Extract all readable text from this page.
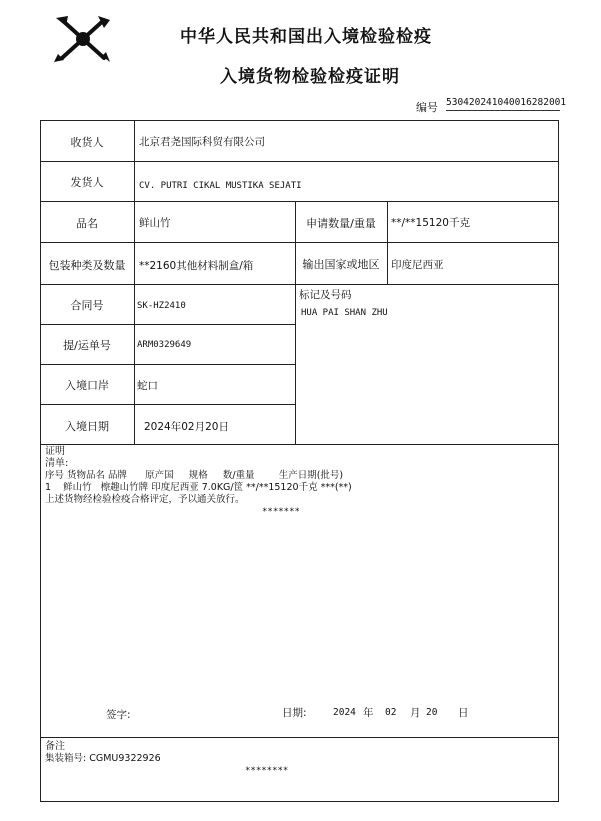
中华人民共和国出入境检验检疫
入境货物检验检疫证明
编号 5304202410400162820​01
收货人	北京君尧国际科贸有限公司
发货人	CV. PUTRI CIKAL MUSTIKA SEJATI
品名	鲜山竹	申请数量/重量	**/**15120千克
包装种类及数量	**2160其他材料制盒/箱	输出国家或地区	印度尼西亚
合同号	SK-HZ2410
标记及号码
HUA PAI SHAN ZHU
提/运单号	ARM0329649
入境口岸	蛇口
入境日期	2024年02月20日
证明
清单:
序号 货物品名 品牌      原产国     规格     数/重量        生产日期(批号)
1    鲜山竹   檫趣山竹牌 印度尼西亚 7.0KG/筐 **/**15120千克 ***(**)
上述货物经检验检疫合格评定，予以通关放行。
*******
签字:	日期:	2024 年 02 月 20 日
备注
集装箱号: CGMU9322926
********
